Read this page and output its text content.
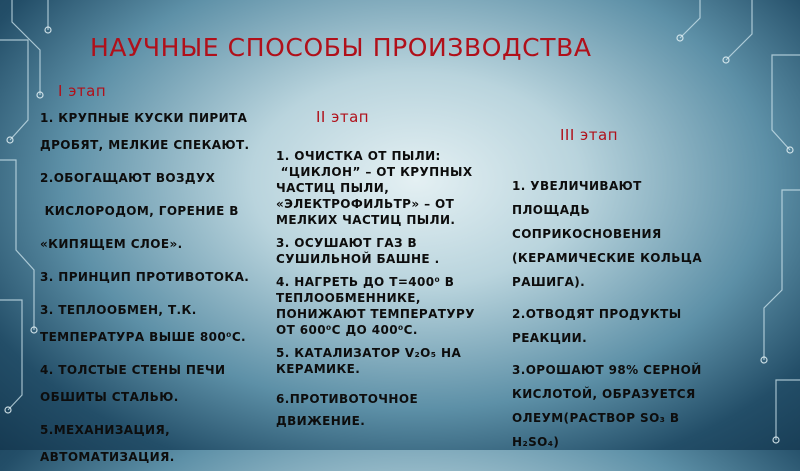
НАУЧНЫЕ СПОСОБЫ ПРОИЗВОДСТВА
I этап
1. КРУПНЫЕ КУСКИ ПИРИТА
ДРОБЯТ, МЕЛКИЕ СПЕКАЮТ.
2.ОБОГАЩАЮТ ВОЗДУХ
КИСЛОРОДОМ, ГОРЕНИЕ В
«КИПЯЩЕМ СЛОЕ».
3. ПРИНЦИП ПРОТИВОТОКА.
3. ТЕПЛООБМЕН, Т.К. ТЕМПЕРАТУРА ВЫШЕ 800⁰С.
4. ТОЛСТЫЕ СТЕНЫ ПЕЧИ ОБШИТЫ СТАЛЬЮ.
5.МЕХАНИЗАЦИЯ, АВТОМАТИЗАЦИЯ.
II этап
1. ОЧИСТКА ОТ ПЫЛИ:
“ЦИКЛОН” – ОТ КРУПНЫХ ЧАСТИЦ ПЫЛИ, «ЭЛЕКТРОФИЛЬТР» – ОТ МЕЛКИХ ЧАСТИЦ ПЫЛИ.
3. ОСУШАЮТ ГАЗ В СУШИЛЬНОЙ БАШНЕ .
4. НАГРЕТЬ ДО T=400⁰ В ТЕПЛООБМЕННИКЕ, ПОНИЖАЮТ ТЕМПЕРАТУРУ ОТ 600⁰С ДО 400⁰С.
5. КАТАЛИЗАТОР V₂O₅ НА КЕРАМИКЕ.
6.ПРОТИВОТОЧНОЕ ДВИЖЕНИЕ.
III этап
1. УВЕЛИЧИВАЮТ ПЛОЩАДЬ СОПРИКОСНОВЕНИЯ (КЕРАМИЧЕСКИЕ КОЛЬЦА РАШИГА).
2.ОТВОДЯТ ПРОДУКТЫ РЕАКЦИИ.
3.ОРОШАЮТ 98% СЕРНОЙ КИСЛОТОЙ, ОБРАЗУЕТСЯ ОЛЕУМ(РАСТВОР SO₃ В H₂SO₄)
